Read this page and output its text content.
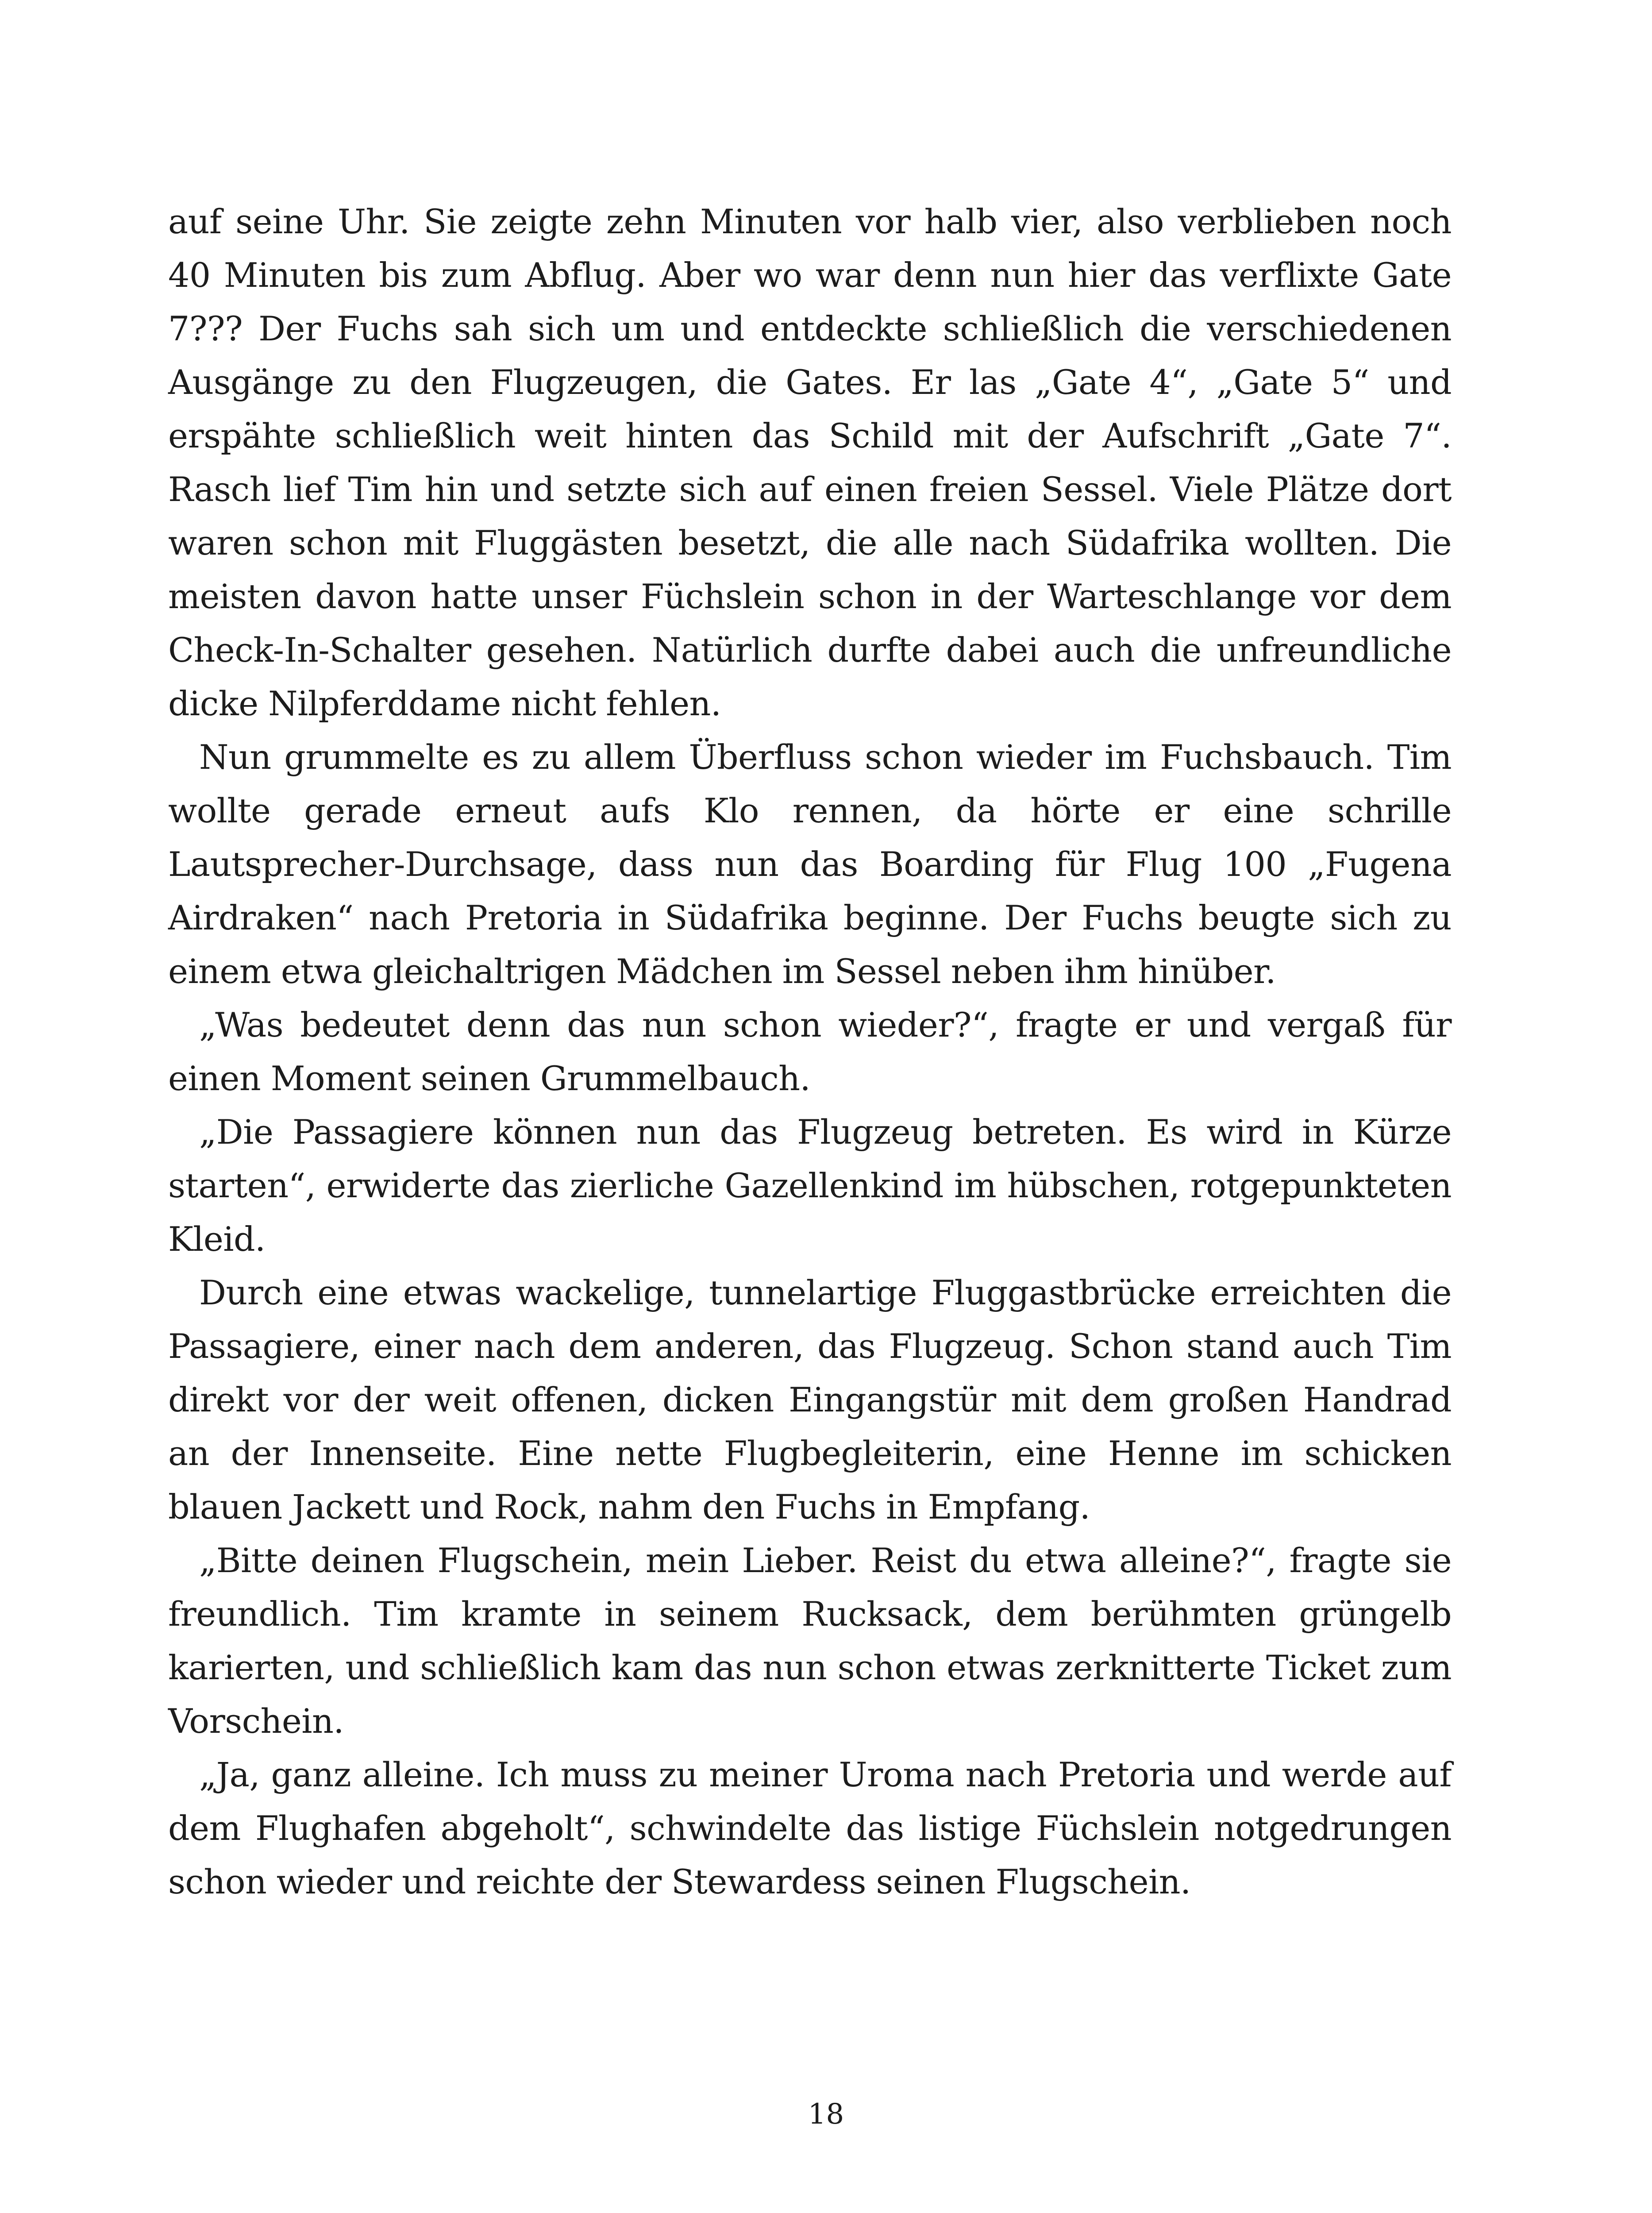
auf seine Uhr. Sie zeigte zehn Minuten vor halb vier, also verblieben noch 40 Minuten bis zum Abflug. Aber wo war denn nun hier das verflixte Gate 7??? Der Fuchs sah sich um und entdeckte schließlich die verschiedenen Ausgänge zu den Flugzeugen, die Gates. Er las „Gate 4“, „Gate 5“ und erspähte schließlich weit hinten das Schild mit der Aufschrift „Gate 7“. Rasch lief Tim hin und setzte sich auf einen freien Sessel. Viele Plätze dort waren schon mit Fluggästen besetzt, die alle nach Südafrika wollten. Die meisten davon hatte unser Füchslein schon in der Warteschlange vor dem Check-In-Schalter gesehen. Natürlich durfte dabei auch die unfreundliche dicke Nilpferddame nicht fehlen.

Nun grummelte es zu allem Überfluss schon wieder im Fuchsbauch. Tim wollte gerade erneut aufs Klo rennen, da hörte er eine schrille Lautsprecher-Durchsage, dass nun das Boarding für Flug 100 „Fugena Airdraken“ nach Pretoria in Südafrika beginne. Der Fuchs beugte sich zu einem etwa gleichaltrigen Mädchen im Sessel neben ihm hinüber.

„Was bedeutet denn das nun schon wieder?“, fragte er und vergaß für einen Moment seinen Grummelbauch.

„Die Passagiere können nun das Flugzeug betreten. Es wird in Kürze starten“, erwiderte das zierliche Gazellenkind im hübschen, rotgepunkteten Kleid.

Durch eine etwas wackelige, tunnelartige Fluggastbrücke erreichten die Passagiere, einer nach dem anderen, das Flugzeug. Schon stand auch Tim direkt vor der weit offenen, dicken Eingangstür mit dem großen Handrad an der Innenseite. Eine nette Flugbegleiterin, eine Henne im schicken blauen Jackett und Rock, nahm den Fuchs in Empfang.

„Bitte deinen Flugschein, mein Lieber. Reist du etwa alleine?“, fragte sie freundlich. Tim kramte in seinem Rucksack, dem berühmten grüngelb karierten, und schließlich kam das nun schon etwas zerknitterte Ticket zum Vorschein.

„Ja, ganz alleine. Ich muss zu meiner Uroma nach Pretoria und werde auf dem Flughafen abgeholt“, schwindelte das listige Füchslein notgedrungen schon wieder und reichte der Stewardess seinen Flugschein.

18
